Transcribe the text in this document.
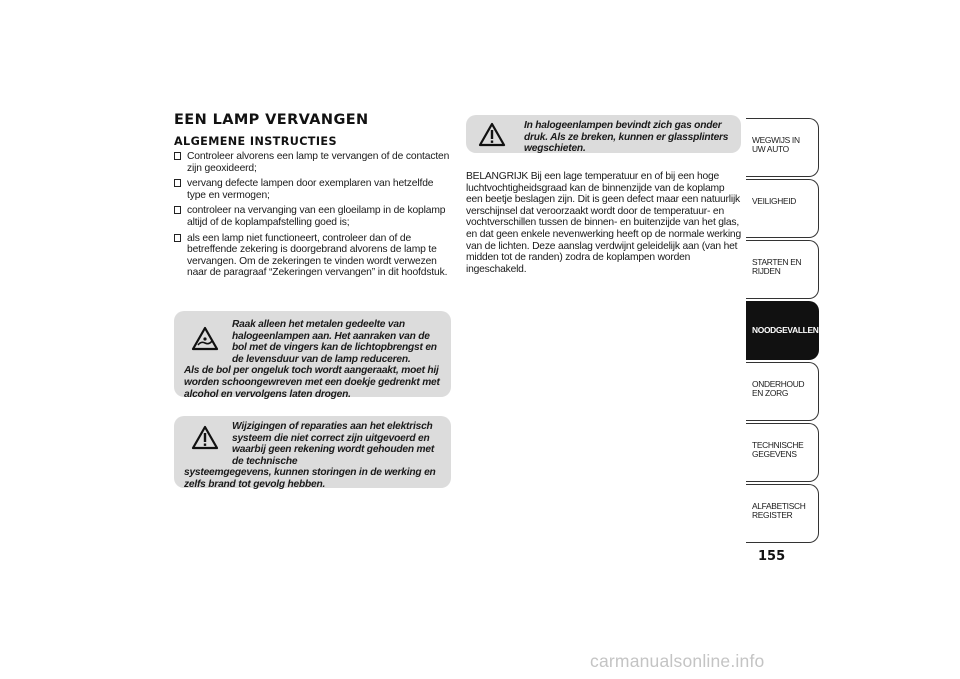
EEN LAMP VERVANGEN
ALGEMENE INSTRUCTIES
Controleer alvorens een lamp te vervangen of de contacten zijn geoxideerd;
vervang defecte lampen door exemplaren van hetzelfde type en vermogen;
controleer na vervanging van een gloeilamp in de koplamp altijd of de koplampafstelling goed is;
als een lamp niet functioneert, controleer dan of de betreffende zekering is doorgebrand alvorens de lamp te vervangen. Om de zekeringen te vinden wordt verwezen naar de paragraaf “Zekeringen vervangen” in dit hoofdstuk.
Raak alleen het metalen gedeelte van halogeenlampen aan. Het aanraken van de bol met de vingers kan de lichtopbrengst en de levensduur van de lamp reduceren.
Als de bol per ongeluk toch wordt aangeraakt, moet hij worden schoongewreven met een doekje gedrenkt met alcohol en vervolgens laten drogen.
Wijzigingen of reparaties aan het elektrisch systeem die niet correct zijn uitgevoerd en waarbij geen rekening wordt gehouden met de technische
systeemgegevens, kunnen storingen in de werking en zelfs brand tot gevolg hebben.
In halogeenlampen bevindt zich gas onder druk. Als ze breken, kunnen er glassplinters wegschieten.
BELANGRIJK Bij een lage temperatuur en of bij een hoge luchtvochtigheidsgraad kan de binnenzijde van de koplamp een beetje beslagen zijn. Dit is geen defect maar een natuurlijk verschijnsel dat veroorzaakt wordt door de temperatuur- en vochtverschillen tussen de binnen- en buitenzijde van het glas, en dat geen enkele nevenwerking heeft op de normale werking van de lichten. Deze aanslag verdwijnt geleidelijk aan (van het midden tot de randen) zodra de koplampen worden ingeschakeld.
WEGWIJS IN UW AUTO
VEILIGHEID
STARTEN EN RIJDEN
NOODGEVALLEN
ONDERHOUD EN ZORG
TECHNISCHE GEGEVENS
ALFABETISCH REGISTER
155
carmanualsonline.info
